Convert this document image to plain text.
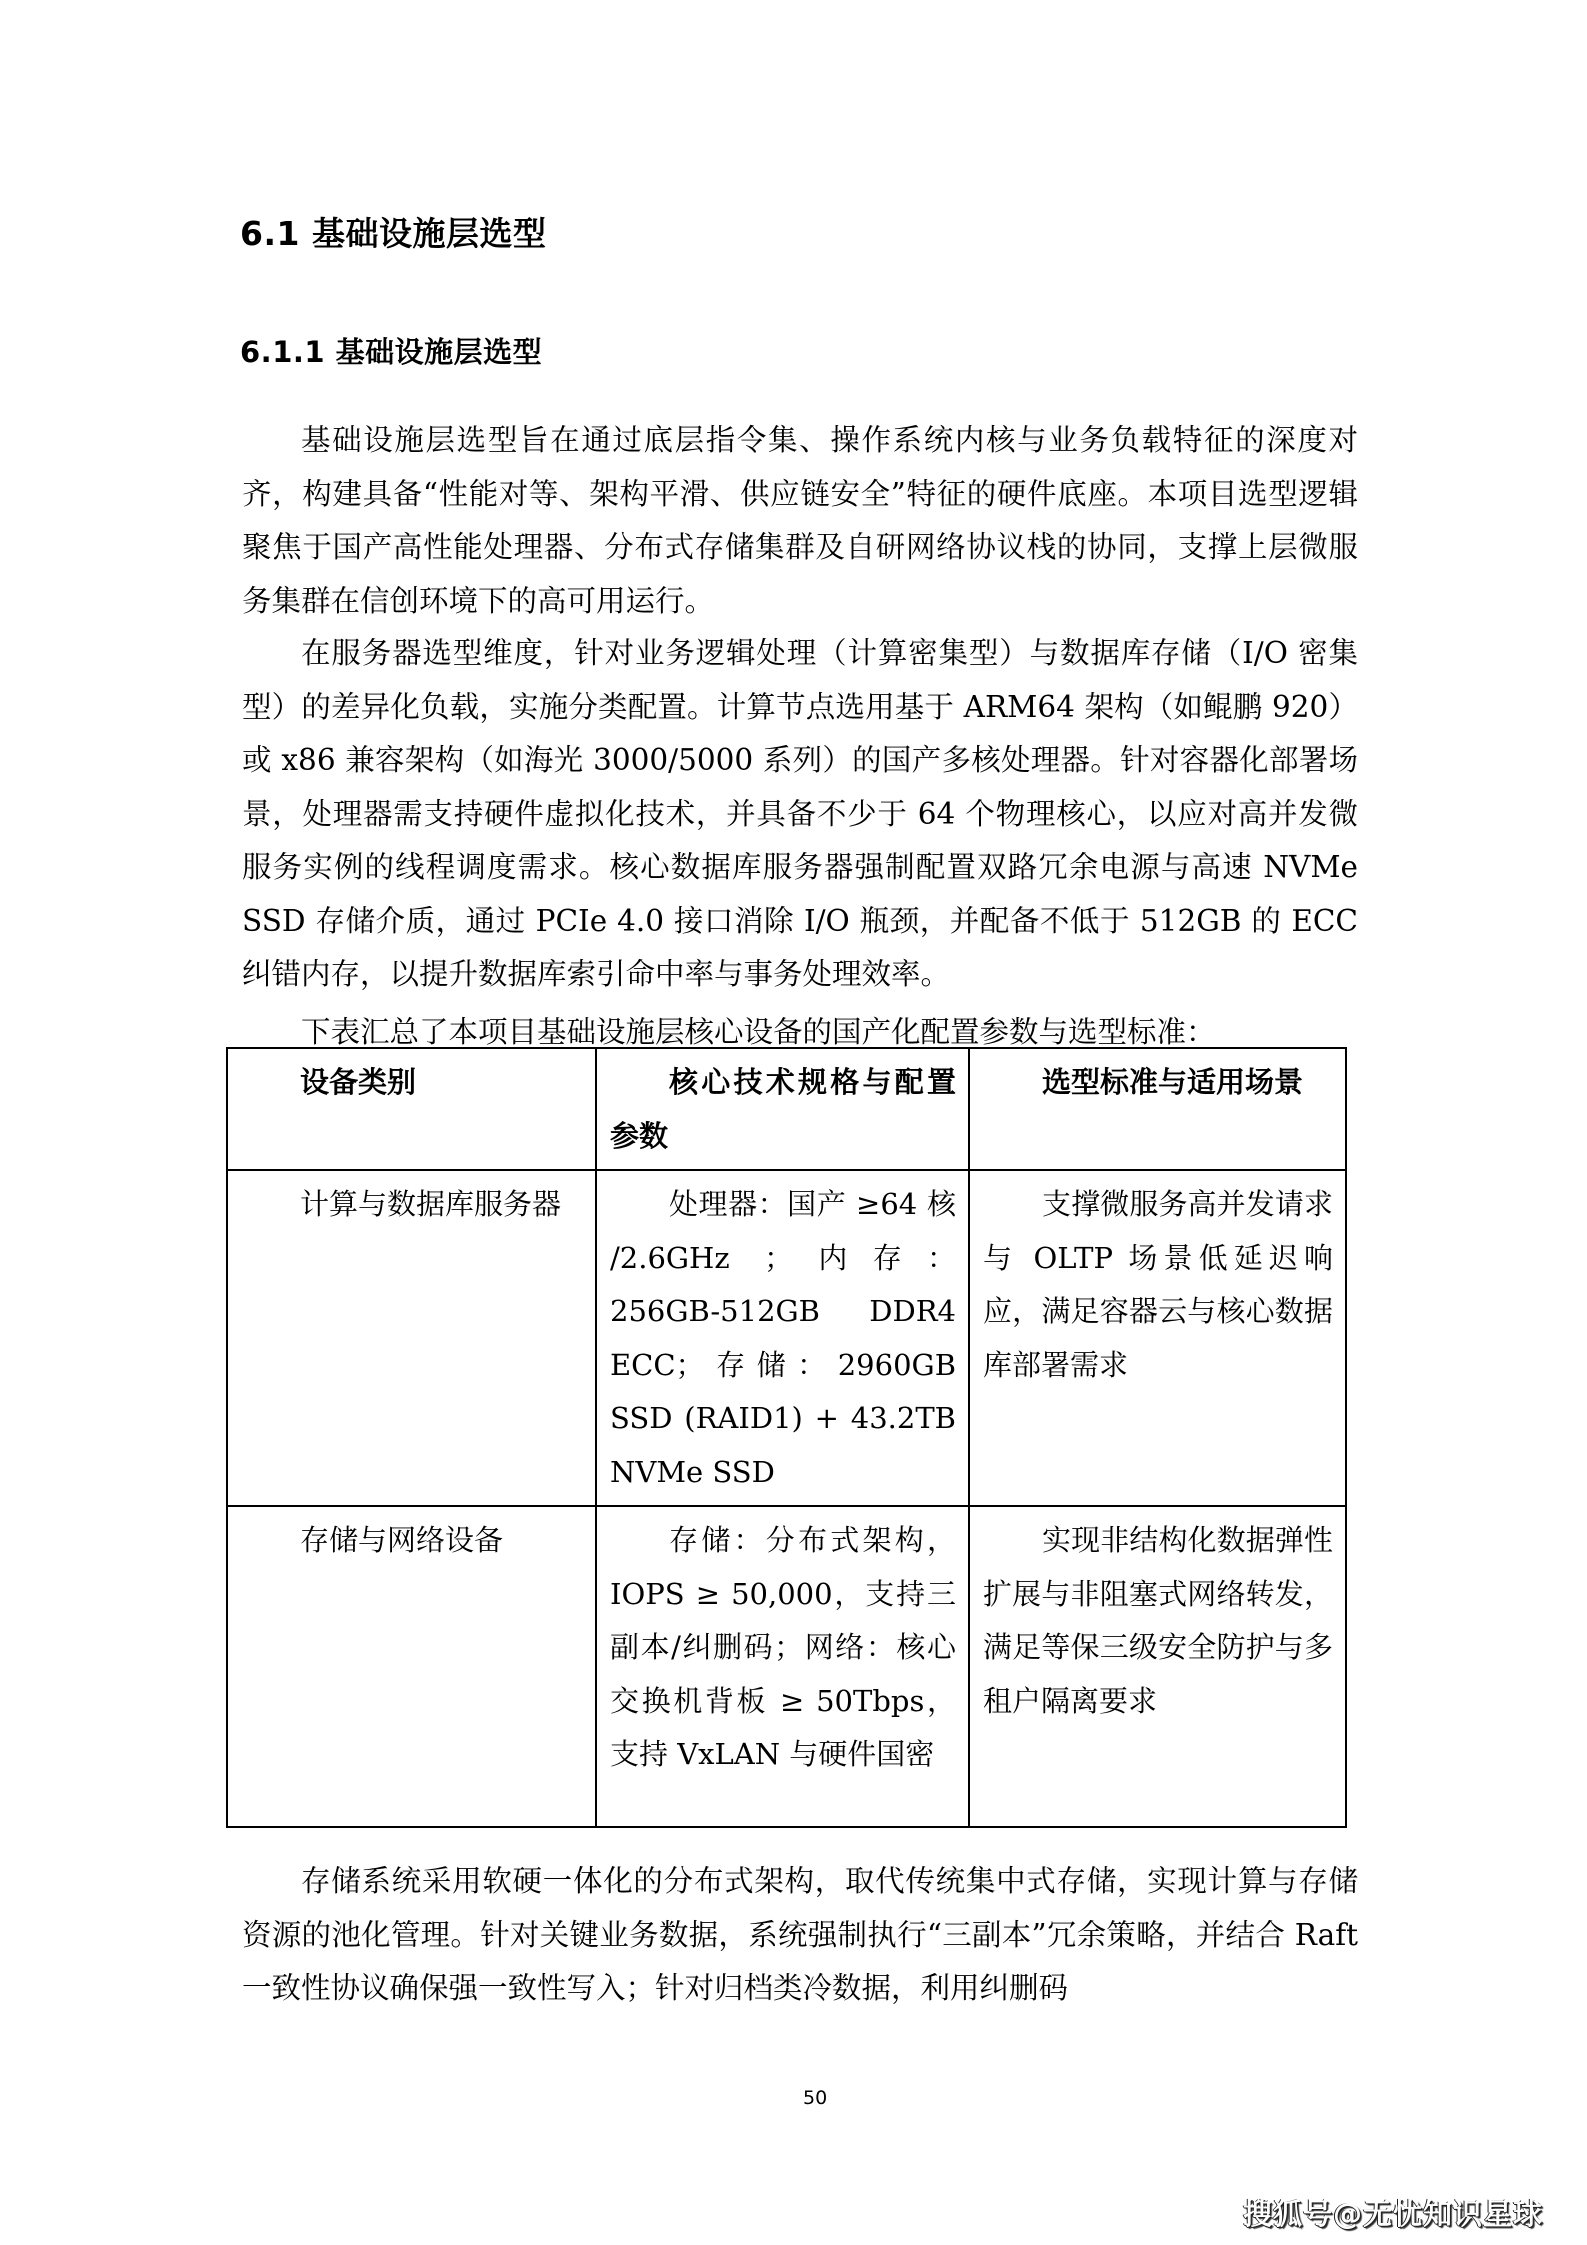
6.1 基础设施层选型
6.1.1 基础设施层选型

基础设施层选型旨在通过底层指令集、操作系统内核与业务负载特征的深度对齐，构建具备“性能对等、架构平滑、供应链安全”特征的硬件底座。本项目选型逻辑聚焦于国产高性能处理器、分布式存储集群及自研网络协议栈的协同，支撑上层微服务集群在信创环境下的高可用运行。

在服务器选型维度，针对业务逻辑处理（计算密集型）与数据库存储（I/O 密集型）的差异化负载，实施分类配置。计算节点选用基于 ARM64 架构（如鲲鹏 920）或 x86 兼容架构（如海光 3000/5000 系列）的国产多核处理器。针对容器化部署场景，处理器需支持硬件虚拟化技术，并具备不少于 64 个物理核心，以应对高并发微服务实例的线程调度需求。核心数据库服务器强制配置双路冗余电源与高速 NVMe SSD 存储介质，通过 PCIe 4.0 接口消除 I/O 瓶颈，并配备不低于 512GB 的 ECC 纠错内存，以提升数据库索引命中率与事务处理效率。

下表汇总了本项目基础设施层核心设备的国产化配置参数与选型标准：

设备类别	核心技术规格与配置参数	选型标准与适用场景
计算与数据库服务器	处理器：国产 ≥64 核 /2.6GHz ；内存：256GB-512GB DDR4 ECC；存储：2960GB SSD (RAID1) + 43.2TB NVMe SSD	支撑微服务高并发请求与 OLTP 场景低延迟响应，满足容器云与核心数据库部署需求
存储与网络设备	存储：分布式架构，IOPS ≥ 50,000，支持三副本/纠删码；网络：核心交换机背板 ≥ 50Tbps，支持 VxLAN 与硬件国密	实现非结构化数据弹性扩展与非阻塞式网络转发，满足等保三级安全防护与多租户隔离要求

存储系统采用软硬一体化的分布式架构，取代传统集中式存储，实现计算与存储资源的池化管理。针对关键业务数据，系统强制执行“三副本”冗余策略，并结合 Raft 一致性协议确保强一致性写入；针对归档类冷数据，利用纠删码

50
搜狐号@无忧知识星球
